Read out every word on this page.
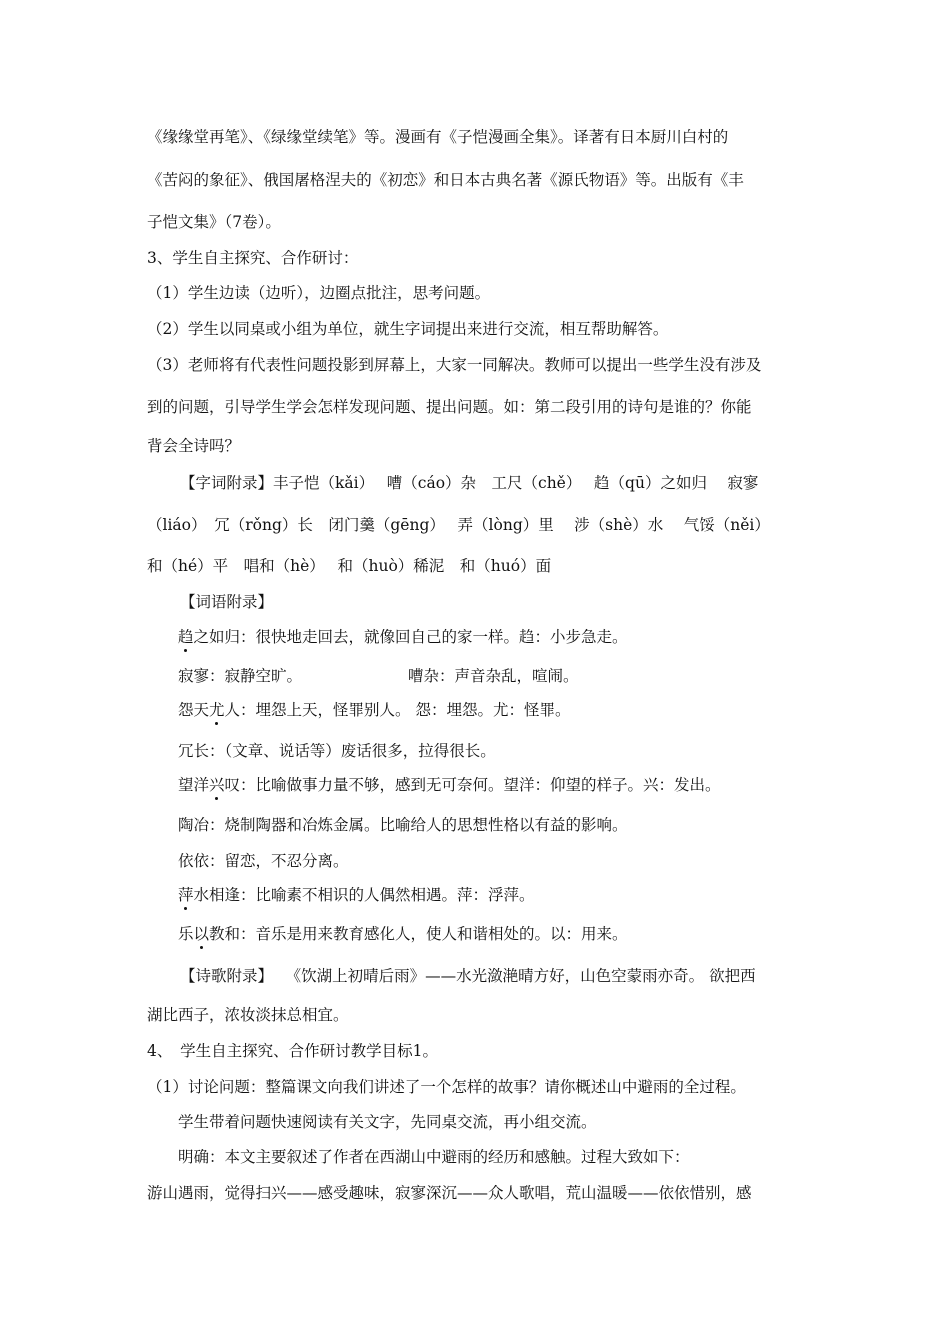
《缘缘堂再笔》、《绿缘堂续笔》等。漫画有《子恺漫画全集》。译著有日本厨川白村的
《苦闷的象征》、俄国屠格涅夫的《初恋》和日本古典名著《源氏物语》等。出版有《丰
子恺文集》（7卷）。
3、学生自主探究、合作研讨：
（1）学生边读（边听），边圈点批注，思考问题。
（2）学生以同桌或小组为单位，就生字词提出来进行交流，相互帮助解答。
（3）老师将有代表性问题投影到屏幕上，大家一同解决。教师可以提出一些学生没有涉及
到的问题，引导学生学会怎样发现问题、提出问题。如：第二段引用的诗句是谁的？你能
背会全诗吗？
【字词附录】丰子恺（kǎi）　 嘈（cáo）杂　工尺（chě）　 趋（qū）之如归　 寂寥
（liáo）　冗（rǒng）长　闭门羹（gēng）　 弄（lòng）里　 涉（shè）水　 气馁（něi）
和（hé）平　唱和（hè）　 和（huò）稀泥　和（huó）面
【词语附录】
趋之如归：很快地走回去，就像回自己的家一样。趋：小步急走。
寂寥：寂静空旷。	嘈杂：声音杂乱，喧闹。
怨天尤人：埋怨上天，怪罪别人。 怨：埋怨。尤：怪罪。
冗长：（文章、说话等）废话很多，拉得很长。
望洋兴叹：比喻做事力量不够，感到无可奈何。望洋：仰望的样子。兴：发出。
陶冶：烧制陶器和冶炼金属。比喻给人的思想性格以有益的影响。
依依：留恋，不忍分离。
萍水相逢：比喻素不相识的人偶然相遇。萍：浮萍。
乐以教和：音乐是用来教育感化人，使人和谐相处的。以：用来。
【诗歌附录】　 《饮湖上初晴后雨》——水光潋滟晴方好，山色空蒙雨亦奇。 欲把西
湖比西子，浓妆淡抹总相宜。
4、　学生自主探究、合作研讨教学目标1。
（1）讨论问题：整篇课文向我们讲述了一个怎样的故事？请你概述山中避雨的全过程。
学生带着问题快速阅读有关文字，先同桌交流，再小组交流。
明确：本文主要叙述了作者在西湖山中避雨的经历和感触。过程大致如下：
游山遇雨，觉得扫兴——感受趣味，寂寥深沉——众人歌唱，荒山温暖——依依惜别，感
